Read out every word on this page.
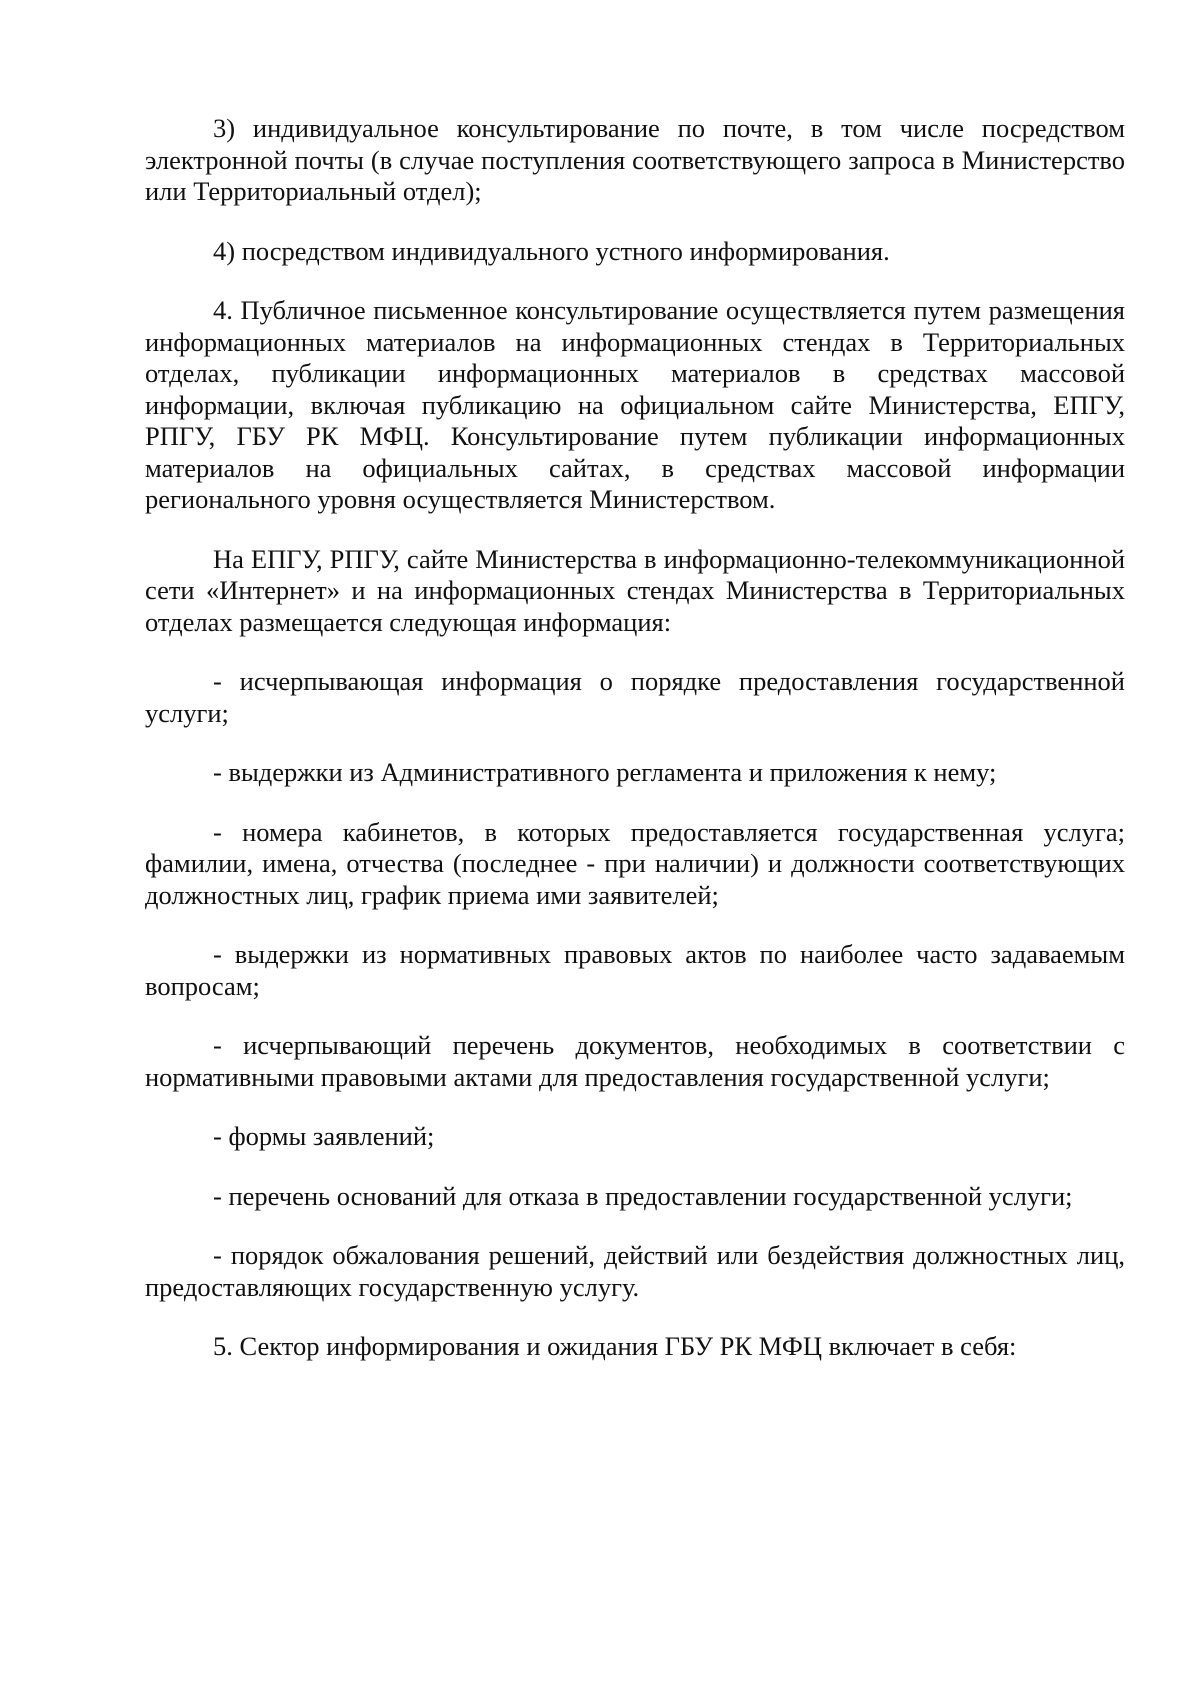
3) индивидуальное консультирование по почте, в том числе посредством электронной почты (в случае поступления соответствующего запроса в Министерство или Территориальный отдел);

4) посредством индивидуального устного информирования.

4. Публичное письменное консультирование осуществляется путем размещения информационных материалов на информационных стендах в Территориальных отделах, публикации информационных материалов в средствах массовой информации, включая публикацию на официальном сайте Министерства, ЕПГУ, РПГУ, ГБУ РК МФЦ. Консультирование путем публикации информационных материалов на официальных сайтах, в средствах массовой информации регионального уровня осуществляется Министерством.

На ЕПГУ, РПГУ, сайте Министерства в информационно-телекоммуникационной сети «Интернет» и на информационных стендах Министерства в Территориальных отделах размещается следующая информация:

- исчерпывающая информация о порядке предоставления государственной услуги;

- выдержки из Административного регламента и приложения к нему;

- номера кабинетов, в которых предоставляется государственная услуга; фамилии, имена, отчества (последнее - при наличии) и должности соответствующих должностных лиц, график приема ими заявителей;

- выдержки из нормативных правовых актов по наиболее часто задаваемым вопросам;

- исчерпывающий перечень документов, необходимых в соответствии с нормативными правовыми актами для предоставления государственной услуги;

- формы заявлений;

- перечень оснований для отказа в предоставлении государственной услуги;

- порядок обжалования решений, действий или бездействия должностных лиц, предоставляющих государственную услугу.

5. Сектор информирования и ожидания ГБУ РК МФЦ включает в себя:
